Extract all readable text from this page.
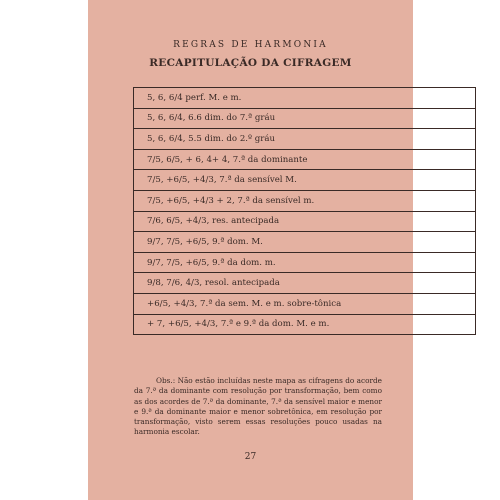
REGRAS DE HARMONIA
RECAPITULAÇÃO DA CIFRAGEM
5, 6, 6/4 perf. M. e m.
5, 6, 6/4, 6.6 dim. do 7.ª gráu
5, 6, 6/4, 5.5 dim. do 2.º gráu
7/5, 6/5, + 6, 4+ 4, 7.ª da dominante
7/5, +6/5, +4/3, 7.ª da sensível M.
7/5, +6/5, +4/3 + 2, 7.ª da sensível m.
7/6, 6/5, +4/3, res. antecipada
9/7, 7/5, +6/5, 9.ª dom. M.
9/7, 7/5, +6/5, 9.ª da dom. m.
9/8, 7/6, 4/3, resol. antecipada
+6/5, +4/3, 7.ª da sem. M. e m. sobre-tônica
+ 7, +6/5, +4/3, 7.ª e 9.ª da dom. M. e m.
Obs.: Não estão incluídas neste mapa as cifragens do acorde da 7.ª da dominante com resolução por transformação, bem como as dos acordes de 7.ª da dominante, 7.ª da sensível maior e menor e 9.ª da dominante maior e menor sobretônica, em resolução por transformação, visto serem essas resoluções pouco usadas na harmonia escolar.
27
